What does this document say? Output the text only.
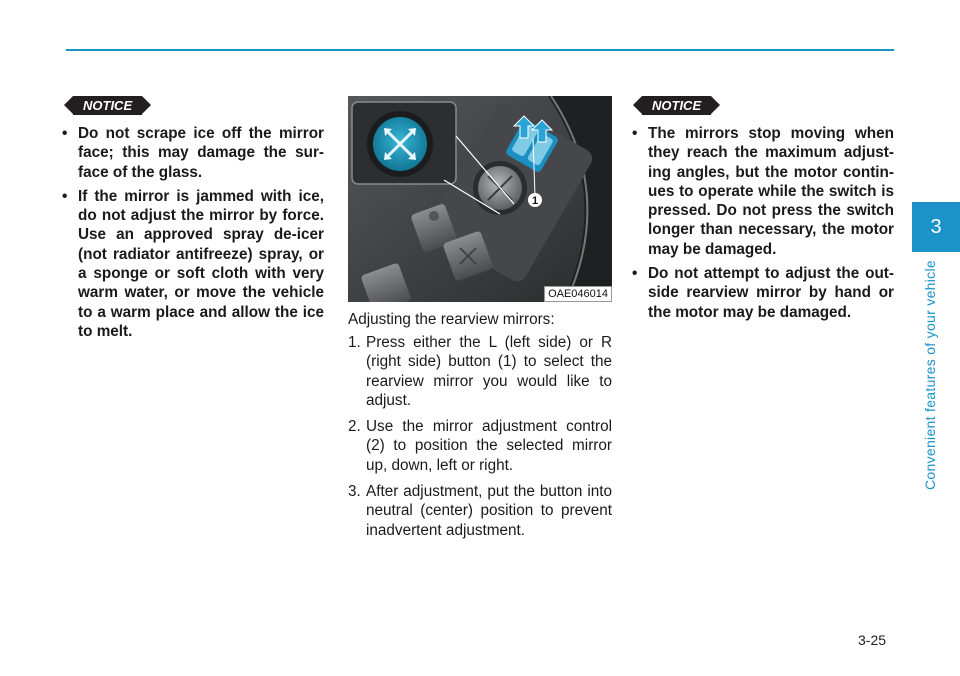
NOTICE
• Do not scrape ice off the mirror face; this may damage the sur-face of the glass.
• If the mirror is jammed with ice, do not adjust the mirror by force. Use an approved spray de-icer (not radiator antifreeze) spray, or a sponge or soft cloth with very warm water, or move the vehicle to a warm place and allow the ice to melt.
1
OAE046014
Adjusting the rearview mirrors:
1. Press either the L (left side) or R (right side) button (1) to select the rearview mirror you would like to adjust.
2. Use the mirror adjustment control (2) to position the selected mirror up, down, left or right.
3. After adjustment, put the button into neutral (center) position to prevent inadvertent adjustment.
NOTICE
• The mirrors stop moving when they reach the maximum adjust-ing angles, but the motor contin-ues to operate while the switch is pressed. Do not press the switch longer than necessary, the motor may be damaged.
• Do not attempt to adjust the out-side rearview mirror by hand or the motor may be damaged.
3
Convenient features of your vehicle
3-25
